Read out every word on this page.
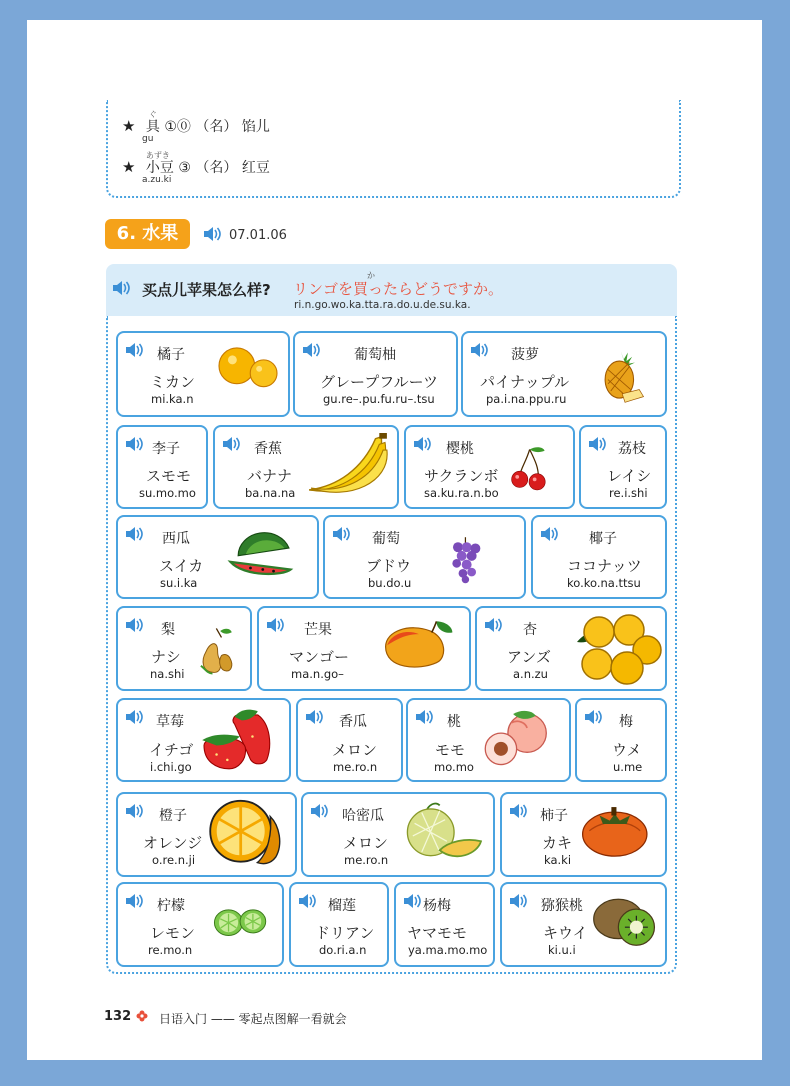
★
ぐ
具 ①⓪ （名） 馅儿
gu
★
あずき
小豆 ③ （名） 红豆
a.zu.ki
6. 水果	07.01.06
买点儿苹果怎么样?
か
リンゴを買ったらどうですか。
ri.n.go.wo.ka.tta.ra.do.u.de.su.ka.
橘子
ミカン
mi.ka.n
葡萄柚
グレープフルーツ
gu.re–.pu.fu.ru–.tsu
菠萝
パイナップル
pa.i.na.ppu.ru
李子
スモモ
su.mo.mo
香蕉
バナナ
ba.na.na
樱桃
サクランボ
sa.ku.ra.n.bo
荔枝
レイシ
re.i.shi
西瓜
スイカ
su.i.ka
葡萄
ブドウ
bu.do.u
椰子
ココナッツ
ko.ko.na.ttsu
梨
ナシ
na.shi
芒果
マンゴー
ma.n.go–
杏
アンズ
a.n.zu
草莓
イチゴ
i.chi.go
香瓜
メロン
me.ro.n
桃
モモ
mo.mo
梅
ウメ
u.me
橙子
オレンジ
o.re.n.ji
哈密瓜
メロン
me.ro.n
柿子
カキ
ka.ki
柠檬
レモン
re.mo.n
榴莲
ドリアン
do.ri.a.n
杨梅
ヤマモモ
ya.ma.mo.mo
猕猴桃
キウイ
ki.u.i
132 日语入门 —— 零起点图解一看就会
